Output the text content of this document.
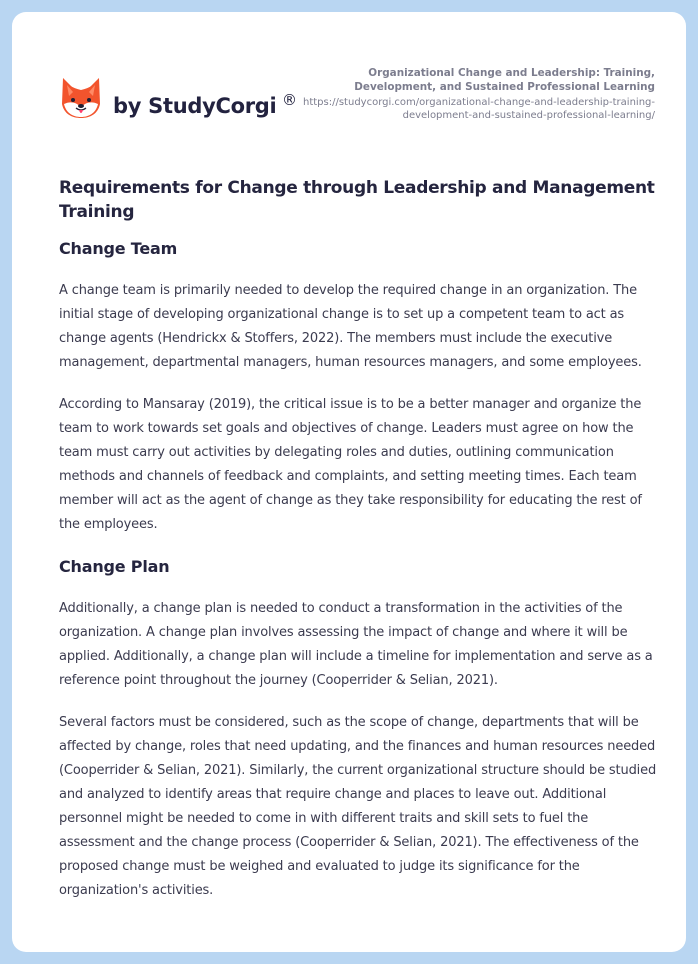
by StudyCorgi ®
Organizational Change and Leadership: Training, Development, and Sustained Professional Learning
https://studycorgi.com/organizational-change-and-leadership-training-development-and-sustained-professional-learning/
Requirements for Change through Leadership and Management Training
Change Team

A change team is primarily needed to develop the required change in an organization. The initial stage of developing organizational change is to set up a competent team to act as change agents (Hendrickx & Stoffers, 2022). The members must include the executive management, departmental managers, human resources managers, and some employees.

According to Mansaray (2019), the critical issue is to be a better manager and organize the team to work towards set goals and objectives of change. Leaders must agree on how the team must carry out activities by delegating roles and duties, outlining communication methods and channels of feedback and complaints, and setting meeting times. Each team member will act as the agent of change as they take responsibility for educating the rest of the employees.

Change Plan

Additionally, a change plan is needed to conduct a transformation in the activities of the organization. A change plan involves assessing the impact of change and where it will be applied. Additionally, a change plan will include a timeline for implementation and serve as a reference point throughout the journey (Cooperrider & Selian, 2021).

Several factors must be considered, such as the scope of change, departments that will be affected by change, roles that need updating, and the finances and human resources needed (Cooperrider & Selian, 2021). Similarly, the current organizational structure should be studied and analyzed to identify areas that require change and places to leave out. Additional personnel might be needed to come in with different traits and skill sets to fuel the assessment and the change process (Cooperrider & Selian, 2021). The effectiveness of the proposed change must be weighed and evaluated to judge its significance for the organization's activities.
